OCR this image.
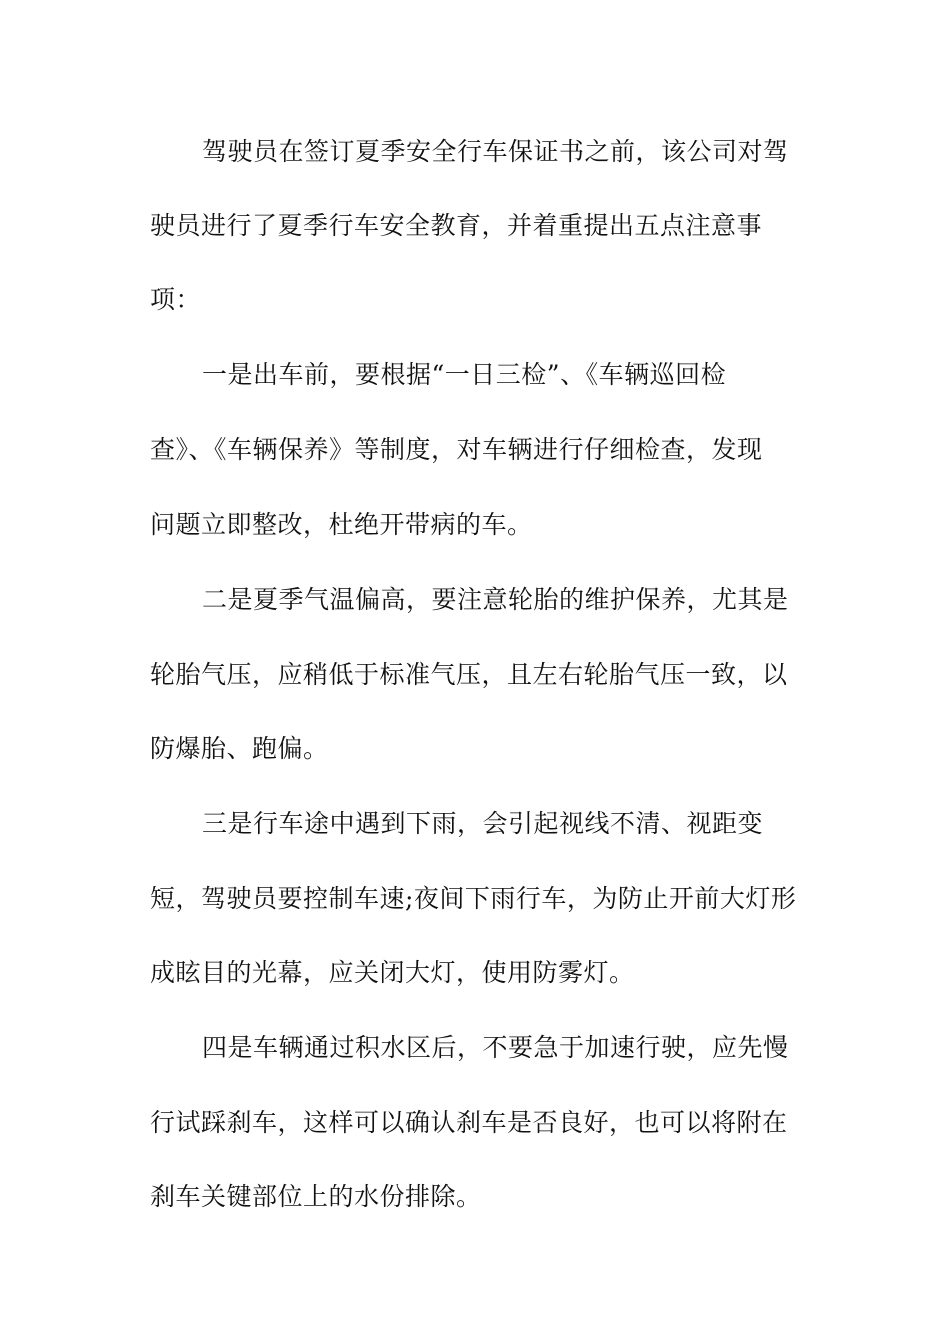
驾驶员在签订夏季安全行车保证书之前，该公司对驾
驶员进行了夏季行车安全教育，并着重提出五点注意事
项：
一是出车前，要根据“一日三检”、《车辆巡回检
查》、《车辆保养》等制度，对车辆进行仔细检查，发现
问题立即整改，杜绝开带病的车。
二是夏季气温偏高，要注意轮胎的维护保养，尤其是
轮胎气压，应稍低于标准气压，且左右轮胎气压一致，以
防爆胎、跑偏。
三是行车途中遇到下雨，会引起视线不清、视距变
短，驾驶员要控制车速;夜间下雨行车，为防止开前大灯形
成眩目的光幕，应关闭大灯，使用防雾灯。
四是车辆通过积水区后，不要急于加速行驶，应先慢
行试踩刹车，这样可以确认刹车是否良好，也可以将附在
刹车关键部位上的水份排除。
